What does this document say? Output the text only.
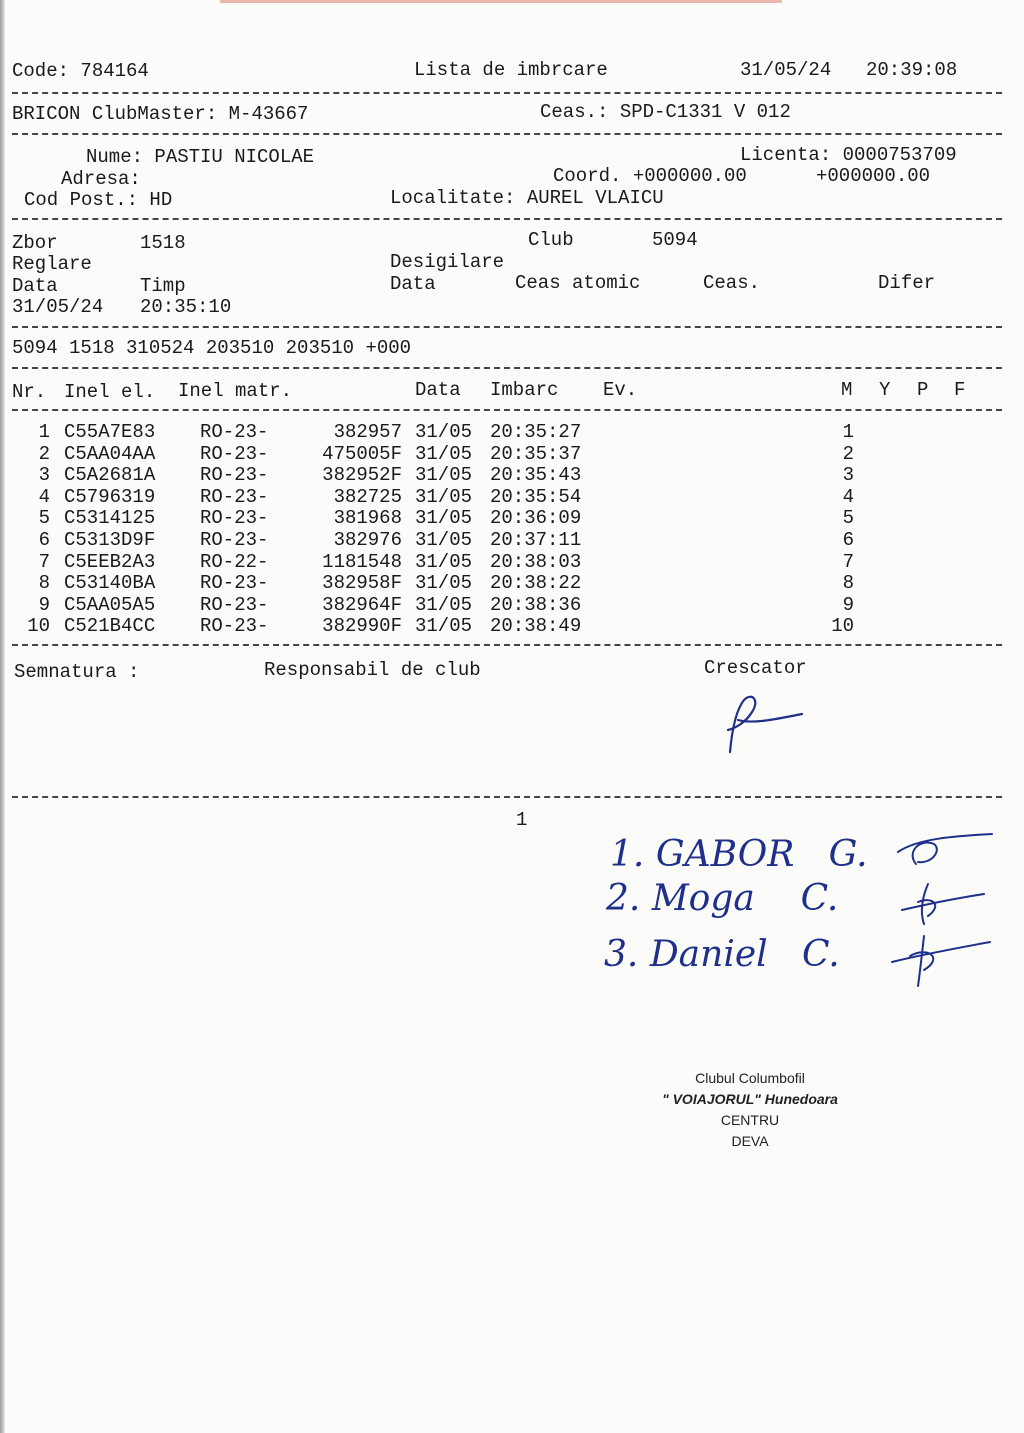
Code: 784164	Lista de imbrcare	31/05/24 20:39:08
BRICON ClubMaster: M-43667	Ceas.: SPD-C1331 V 012
Nume: PASTIU NICOLAE	Licenta: 0000753709
Adresa:	Coord. +000000.00	+000000.00
Cod Post.: HD	Localitate: AUREL VLAICU
Zbor	1518	Club	5094
Reglare	Desigilare
Data	Timp	Data	Ceas atomic	Ceas.	Difer
31/05/24 20:35:10
5094 1518 310524 203510 203510 +000
Nr. Inel el. Inel matr.	Data Imbarc Ev.	M Y P F
1 C55A7E83 RO-23-	382957 31/05 20:35:27	1
2 C5AA04AA RO-23-	475005F 31/05 20:35:37	2
3 C5A2681A RO-23-	382952F 31/05 20:35:43	3
4 C5796319 RO-23-	382725 31/05 20:35:54	4
5 C5314125 RO-23-	381968 31/05 20:36:09	5
6 C5313D9F RO-23-	382976 31/05 20:37:11	6
7 C5EEB2A3 RO-22-	1181548 31/05 20:38:03	7
8 C53140BA RO-23-	382958F 31/05 20:38:22	8
9 C5AA05A5 RO-23-	382964F 31/05 20:38:36	9
10 C521B4CC RO-23-	382990F 31/05 20:38:49	10
Semnatura :	Responsabil de club	Crescator
1
1. GABOR G.
2. Moga C.
3. Daniel C.
Clubul Columbofil
" VOIAJORUL" Hunedoara
CENTRU
DEVA
